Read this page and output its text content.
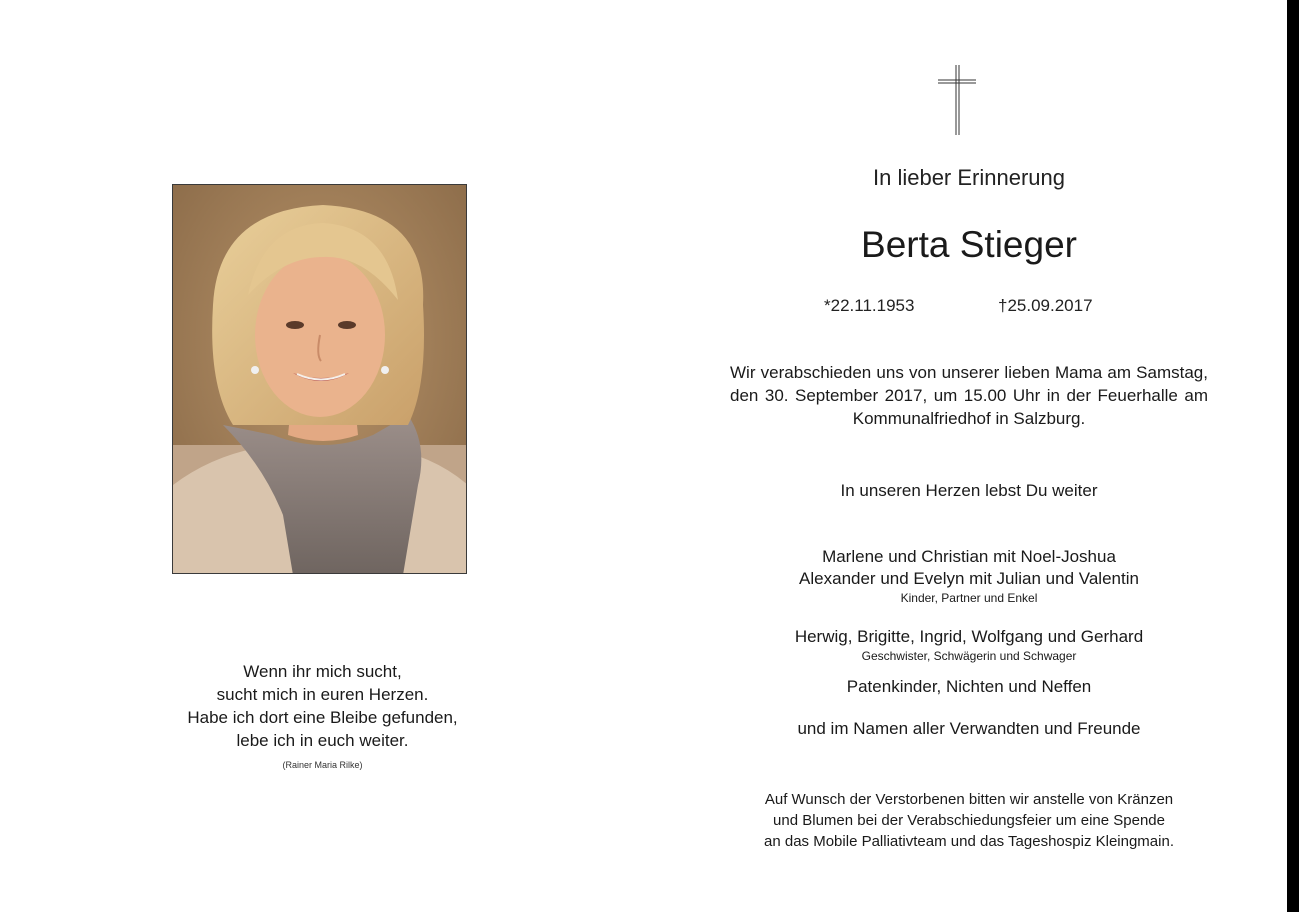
Wenn ihr mich sucht,
sucht mich in euren Herzen.
Habe ich dort eine Bleibe gefunden,
lebe ich in euch weiter.
(Rainer Maria Rilke)
In lieber Erinnerung
Berta Stieger
*22.11.1953	†25.09.2017
Wir verabschieden uns von unserer lieben Mama am Samstag, den 30. September 2017, um 15.00 Uhr in der Feuerhalle am Kommunalfriedhof in Salzburg.
In unseren Herzen lebst Du weiter
Marlene und Christian mit Noel-Joshua
Alexander und Evelyn mit Julian und Valentin
Kinder, Partner und Enkel
Herwig, Brigitte, Ingrid, Wolfgang und Gerhard
Geschwister, Schwägerin und Schwager
Patenkinder, Nichten und Neffen
und im Namen aller Verwandten und Freunde
Auf Wunsch der Verstorbenen bitten wir anstelle von Kränzen
und Blumen bei der Verabschiedungsfeier um eine Spende
an das Mobile Palliativteam und das Tageshospiz Kleingmain.
